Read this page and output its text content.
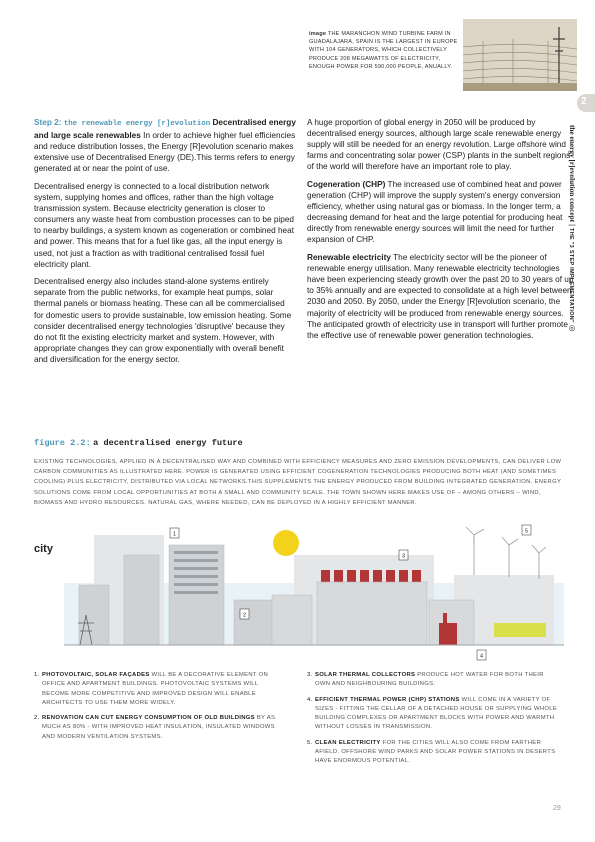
image THE MARANCHON WIND TURBINE FARM IN GUADALAJARA, SPAIN IS THE LARGEST IN EUROPE WITH 104 GENERATORS, WHICH COLLECTIVELY PRODUCE 208 MEGAWATTS OF ELECTRICITY, ENOUGH POWER FOR 590,000 PEOPLE, ANUALLY.
2
the energy [r]evolution concept | THE "3 STEP IMPLEMENTATION" ◎

Step 2: the renewable energy [r]evolution Decentralised energy and large scale renewables In order to achieve higher fuel efficiencies and reduce distribution losses, the Energy [R]evolution scenario makes extensive use of Decentralised Energy (DE).This terms refers to energy generated at or near the point of use.

Decentralised energy is connected to a local distribution network system, supplying homes and offices, rather than the high voltage transmission system. Because electricity generation is closer to consumers any waste heat from combustion processes can to be piped to nearby buildings, a system known as cogeneration or combined heat and power. This means that for a fuel like gas, all the input energy is used, not just a fraction as with traditional centralised fossil fuel electricity plant.

Decentralised energy also includes stand-alone systems entirely separate from the public networks, for example heat pumps, solar thermal panels or biomass heating. These can all be commercialised for domestic users to provide sustainable, low emission heating. Some consider decentralised energy technologies 'disruptive' because they do not fit the existing electricity market and system. However, with appropriate changes they can grow exponentially with overall benefit and diversification for the energy sector.

A huge proportion of global energy in 2050 will be produced by decentralised energy sources, although large scale renewable energy supply will still be needed for an energy revolution. Large offshore wind farms and concentrating solar power (CSP) plants in the sunbelt regions of the world will therefore have an important role to play.

Cogeneration (CHP) The increased use of combined heat and power generation (CHP) will improve the supply system's energy conversion efficiency, whether using natural gas or biomass. In the longer term, a decreasing demand for heat and the large potential for producing heat directly from renewable energy sources will limit the need for further expansion of CHP.

Renewable electricity The electricity sector will be the pioneer of renewable energy utilisation. Many renewable electricity technologies have been experiencing steady growth over the past 20 to 30 years of up to 35% annually and are expected to consolidate at a high level between 2030 and 2050. By 2050, under the Energy [R]evolution scenario, the majority of electricity will be produced from renewable energy sources. The anticipated growth of electricity use in transport will further promote the effective use of renewable power generation technologies.

figure 2.2: a decentralised energy future
EXISTING TECHNOLOGIES, APPLIED IN A DECENTRALISED WAY AND COMBINED WITH EFFICIENCY MEASURES AND ZERO EMISSION DEVELOPMENTS, CAN DELIVER LOW CARBON COMMUNITIES AS ILLUSTRATED HERE. POWER IS GENERATED USING EFFICIENT COGENERATION TECHNOLOGIES PRODUCING BOTH HEAT (AND SOMETIMES COOLING) PLUS ELECTRICITY, DISTRIBUTED VIA LOCAL NETWORKS.THIS SUPPLEMENTS THE ENERGY PRODUCED FROM BUILDING INTEGRATED GENERATION. ENERGY SOLUTIONS COME FROM LOCAL OPPORTUNITIES AT BOTH A SMALL AND COMMUNITY SCALE. THE TOWN SHOWN HERE MAKES USE OF – AMONG OTHERS – WIND, BIOMASS AND HYDRO RESOURCES. NATURAL GAS, WHERE NEEDED, CAN BE DEPLOYED IN A HIGHLY EFFICIENT MANNER.
1
2
3
4
5
city
1. PHOTOVOLTAIC, SOLAR FAÇADES WILL BE A DECORATIVE ELEMENT ON OFFICE AND APARTMENT BUILDINGS. PHOTOVOLTAIC SYSTEMS WILL BECOME MORE COMPETITIVE AND IMPROVED DESIGN WILL ENABLE ARCHITECTS TO USE THEM MORE WIDELY.
2. RENOVATION CAN CUT ENERGY CONSUMPTION OF OLD BUILDINGS BY AS MUCH AS 80% - WITH IMPROVED HEAT INSULATION, INSULATED WINDOWS AND MODERN VENTILATION SYSTEMS.
3. SOLAR THERMAL COLLECTORS PRODUCE HOT WATER FOR BOTH THEIR OWN AND NEIGHBOURING BUILDINGS.
4. EFFICIENT THERMAL POWER (CHP) STATIONS WILL COME IN A VARIETY OF SIZES - FITTING THE CELLAR OF A DETACHED HOUSE OR SUPPLYING WHOLE BUILDING COMPLEXES OR APARTMENT BLOCKS WITH POWER AND WARMTH WITHOUT LOSSES IN TRANSMISSION.
5. CLEAN ELECTRICITY FOR THE CITIES WILL ALSO COME FROM FARTHER AFIELD. OFFSHORE WIND PARKS AND SOLAR POWER STATIONS IN DESERTS HAVE ENORMOUS POTENTIAL.
29
